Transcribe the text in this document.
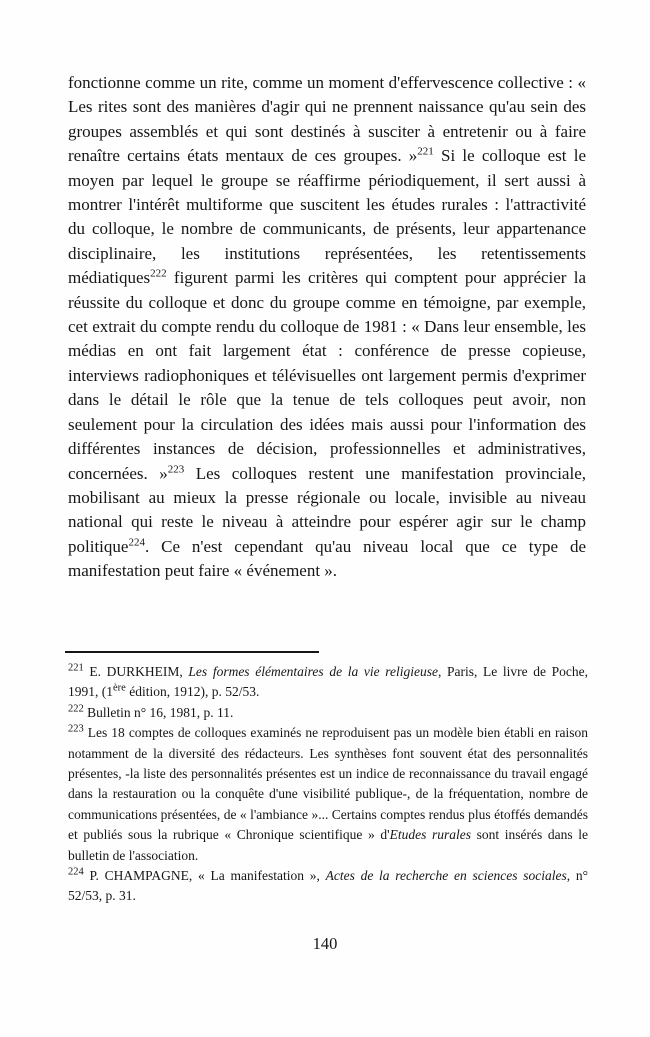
fonctionne comme un rite, comme un moment d'effervescence collective : « Les rites sont des manières d'agir qui ne prennent naissance qu'au sein des groupes assemblés et qui sont destinés à susciter à entretenir ou à faire renaître certains états mentaux de ces groupes. »$^{221}$ Si le colloque est le moyen par lequel le groupe se réaffirme périodiquement, il sert aussi à montrer l'intérêt multiforme que suscitent les études rurales : l'attractivité du colloque, le nombre de communicants, de présents, leur appartenance disciplinaire, les institutions représentées, les retentissements médiatiques$^{222}$ figurent parmi les critères qui comptent pour apprécier la réussite du colloque et donc du groupe comme en témoigne, par exemple, cet extrait du compte rendu du colloque de 1981 : « Dans leur ensemble, les médias en ont fait largement état : conférence de presse copieuse, interviews radiophoniques et télévisuelles ont largement permis d'exprimer dans le détail le rôle que la tenue de tels colloques peut avoir, non seulement pour la circulation des idées mais aussi pour l'information des différentes instances de décision, professionnelles et administratives, concernées. »$^{223}$ Les colloques restent une manifestation provinciale, mobilisant au mieux la presse régionale ou locale, invisible au niveau national qui reste le niveau à atteindre pour espérer agir sur le champ politique$^{224}$. Ce n'est cependant qu'au niveau local que ce type de manifestation peut faire « événement ».

$^{221}$ E. DURKHEIM, Les formes élémentaires de la vie religieuse, Paris, Le livre de Poche, 1991, (1ère édition, 1912), p. 52/53.

$^{222}$ Bulletin n° 16, 1981, p. 11.

$^{223}$ Les 18 comptes de colloques examinés ne reproduisent pas un modèle bien établi en raison notamment de la diversité des rédacteurs. Les synthèses font souvent état des personnalités présentes, -la liste des personnalités présentes est un indice de reconnaissance du travail engagé dans la restauration ou la conquête d'une visibilité publique-, de la fréquentation, nombre de communications présentées, de « l'ambiance »... Certains comptes rendus plus étoffés demandés et publiés sous la rubrique « Chronique scientifique » d'Etudes rurales sont insérés dans le bulletin de l'association.

$^{224}$ P. CHAMPAGNE, « La manifestation », Actes de la recherche en sciences sociales, n° 52/53, p. 31.

140
